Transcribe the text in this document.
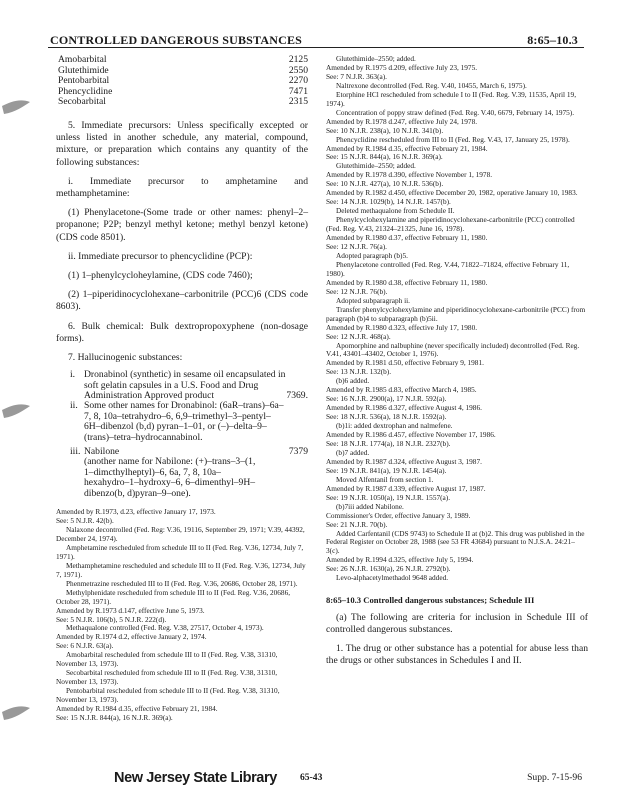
CONTROLLED DANGEROUS SUBSTANCES	8:65–10.3
Amobarbital	2125
Glutethimide	2550
Pentobarbital	2270
Phencyclidine	7471
Secobarbital	2315
5. Immediate precursors: Unless specifically excepted or unless listed in another schedule, any material, compound, mixture, or preparation which contains any quantity of the following substances:
i. Immediate precursor to amphetamine and methamphetamine:
(1) Phenylacetone-(Some trade or other names: phenyl–2–propanone; P2P; benzyl methyl ketone; methyl benzyl ketone) (CDS code 8501).
ii. Immediate precursor to phencyclidine (PCP):
(1) 1–phenylcycloheylamine, (CDS code 7460);
(2) 1–piperidinocyclohexane–carbonitrile (PCC)6 (CDS code 8603).
6. Bulk chemical: Bulk dextropropoxyphene (non-dosage forms).
7. Hallucinogenic substances:
i. Dronabinol (synthetic) in sesame oil encapsulated in soft gelatin capsules in a U.S. Food and Drug Administration Approved product	7369.
ii. Some other names for Dronabinol: (6aR–trans)–6a–7, 8, 10a–tetrahydro–6, 6,9–trimethyl–3–pentyl–6H–dibenzol (b,d) pyran–1–01, or (–)–delta–9–(trans)–tetra–hydrocannabinol.
iii. Nabilone	7379
(another name for Nabilone: (+)–trans–3–(1, 1–dimcthylheptyl)–6, 6a, 7, 8, 10a–hexahydro–1–hydroxy–6, 6–dimenthyl–9H–dibenzo(b, d)pyran–9–one).

Amended by R.1973, d.23, effective January 17, 1973.

See: 5 N.J.R. 42(b).

Nalaxone decontrolled (Fed. Reg: V.36, 19116, September 29, 1971; V.39, 44392, December 24, 1974).

Amphetamine rescheduled from schedule III to II (Fed. Reg. V.36, 12734, July 7, 1971).

Methamphetamine rescheduled and schedule III to II (Fed. Reg. V.36, 12734, July 7, 1971).

Phenmetrazine rescheduled III to II (Fed. Reg. V.36, 20686, October 28, 1971).

Methylphenidate rescheduled from schedule III to II (Fed. Reg. V.36, 20686, October 28, 1971).

Amended by R.1973 d.147, effective June 5, 1973.

See: 5 N.J.R. 106(b), 5 N.J.R. 222(d).

Methaqualone controlled (Fed. Reg. V.38, 27517, October 4, 1973).

Amended by R.1974 d.2, effective January 2, 1974.

See: 6 N.J.R. 63(a).

Amobarbital rescheduled from schedule III to II (Fed. Reg. V.38, 31310, November 13, 1973).

Secobarbital rescheduled from schedule III to II (Fed. Reg. V.38, 31310, November 13, 1973).

Pentobarbital rescheduled from schedule III to II (Fed. Reg. V.38, 31310, November 13, 1973).

Amended by R.1984 d.35, effective February 21, 1984.

See: 15 N.J.R. 844(a), 16 N.J.R. 369(a).

Glutethimide–2550; added.

Amended by R.1975 d.209, effective July 23, 1975.

See: 7 N.J.R. 363(a).

Naltrexone decontrolled (Fed. Reg. V.40, 10455, March 6, 1975).

Etorphine HCl rescheduled from schedule I to II (Fed. Reg. V.39, 11535, April 19, 1974).

Concentration of poppy straw defined (Fed. Reg. V.40, 6679, February 14, 1975).

Amended by R.1978 d.247, effective July 24, 1978.

See: 10 N.J.R. 238(a), 10 N.J.R. 341(b).

Phencyclidine rescheduled from III to II (Fed. Reg. V.43, 17, January 25, 1978).

Amended by R.1984 d.35, effective February 21, 1984.

See: 15 N.J.R. 844(a), 16 N.J.R. 369(a).

Glutethimide–2550; added.

Amended by R.1978 d.390, effective November 1, 1978.

See: 10 N.J.R. 427(a), 10 N.J.R. 536(b).

Amended by R.1982 d.450, effective December 20, 1982, operative January 10, 1983.

See: 14 N.J.R. 1029(b), 14 N.J.R. 1457(b).

Deleted methaqualone from Schedule II.

Phenylcyclohexylamine and piperidinocyclohexane-carbonitrile (PCC) controlled (Fed. Reg. V.43, 21324–21325, June 16, 1978).

Amended by R.1980 d.37, effective February 11, 1980.

See: 12 N.J.R. 76(a).

Adopted paragraph (b)5.

Phenylacetone controlled (Fed. Reg. V.44, 71822–71824, effective February 11, 1980).

Amended by R.1980 d.38, effective February 11, 1980.

See: 12 N.J.R. 76(b).

Adopted subparagraph ii.

Transfer phenylcyclohexylamine and piperidinocyclohexane-carbonitrile (PCC) from paragraph (b)4 to subparagraph (b)5ii.

Amended by R.1980 d.323, effective July 17, 1980.

See: 12 N.J.R. 468(a).

Apomorphine and nalbuphine (never specifically included) decontrolled (Fed. Reg. V.41, 43401–43402, October 1, 1976).

Amended by R.1981 d.50, effective February 9, 1981.

See: 13 N.J.R. 132(b).

(b)6 added.

Amended by R.1985 d.83, effective March 4, 1985.

See: 16 N.J.R. 2900(a), 17 N.J.R. 592(a).

Amended by R.1986 d.327, effective August 4, 1986.

See: 18 N.J.R. 536(a), 18 N.J.R. 1592(a).

(b)1i: added dextrophan and nalmefene.

Amended by R.1986 d.457, effective November 17, 1986.

See: 18 N.J.R. 1774(a), 18 N.J.R. 2327(b).

(b)7 added.

Amended by R.1987 d.324, effective August 3, 1987.

See: 19 N.J.R. 841(a), 19 N.J.R. 1454(a).

Moved Alfentanil from section 1.

Amended by R.1987 d.339, effective August 17, 1987.

See: 19 N.J.R. 1050(a), 19 N.J.R. 1557(a).

(b)7iii added Nabilone.

Commissioner's Order, effective January 3, 1989.

See: 21 N.J.R. 70(b).

Added Carfentanil (CDS 9743) to Schedule II at (b)2. This drug was published in the Federal Register on October 28, 1988 (see 53 FR 43684) pursuant to N.J.S.A. 24:21–3(c).

Amended by R.1994 d.325, effective July 5, 1994.

See: 26 N.J.R. 1630(a), 26 N.J.R. 2792(b).

Levo-alphacetylmethadol 9648 added.

8:65–10.3 Controlled dangerous substances; Schedule III
(a) The following are criteria for inclusion in Schedule III of controlled dangerous substances.
1. The drug or other substance has a potential for abuse less than the drugs or other substances in Schedules I and II.
New Jersey State Library 65-43	Supp. 7-15-96
